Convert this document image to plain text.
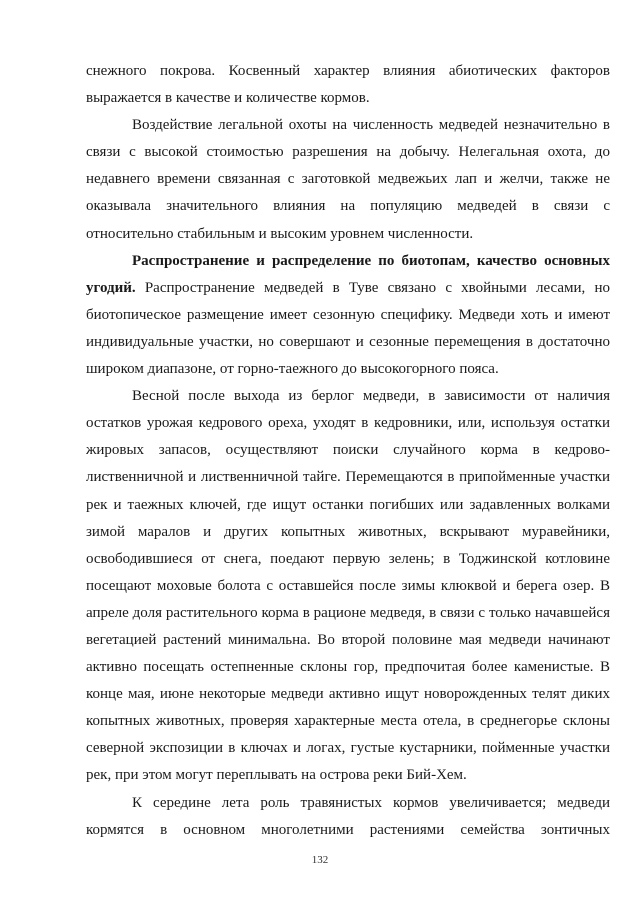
снежного покрова. Косвенный характер влияния абиотических факторов выражается в качестве и количестве кормов.

Воздействие легальной охоты на численность медведей незначительно в связи с высокой стоимостью разрешения на добычу. Нелегальная охота, до недавнего времени связанная с заготовкой медвежьих лап и желчи, также не оказывала значительного влияния на популяцию медведей в связи с относительно стабильным и высоким уровнем численности.

Распространение и распределение по биотопам, качество основных угодий. Распространение медведей в Туве связано с хвойными лесами, но биотопическое размещение имеет сезонную специфику. Медведи хоть и имеют индивидуальные участки, но совершают и сезонные перемещения в достаточно широком диапазоне, от горно-таежного до высокогорного пояса.

Весной после выхода из берлог медведи, в зависимости от наличия остатков урожая кедрового ореха, уходят в кедровники, или, используя остатки жировых запасов, осуществляют поиски случайного корма в кедрово-лиственничной и лиственничной тайге. Перемещаются в припойменные участки рек и таежных ключей, где ищут останки погибших или задавленных волками зимой маралов и других копытных животных, вскрывают муравейники, освободившиеся от снега, поедают первую зелень; в Тоджинской котловине посещают моховые болота с оставшейся после зимы клюквой и берега озер. В апреле доля растительного корма в рационе медведя, в связи с только начавшейся вегетацией растений минимальна. Во второй половине мая медведи начинают активно посещать остепненные склоны гор, предпочитая более каменистые. В конце мая, июне некоторые медведи активно ищут новорожденных телят диких копытных животных, проверяя характерные места отела, в среднегорье склоны северной экспозиции в ключах и логах, густые кустарники, пойменные участки рек, при этом могут переплывать на острова реки Бий-Хем.

К середине лета роль травянистых кормов увеличивается; медведи кормятся в основном многолетними растениями семейства зонтичных

132
